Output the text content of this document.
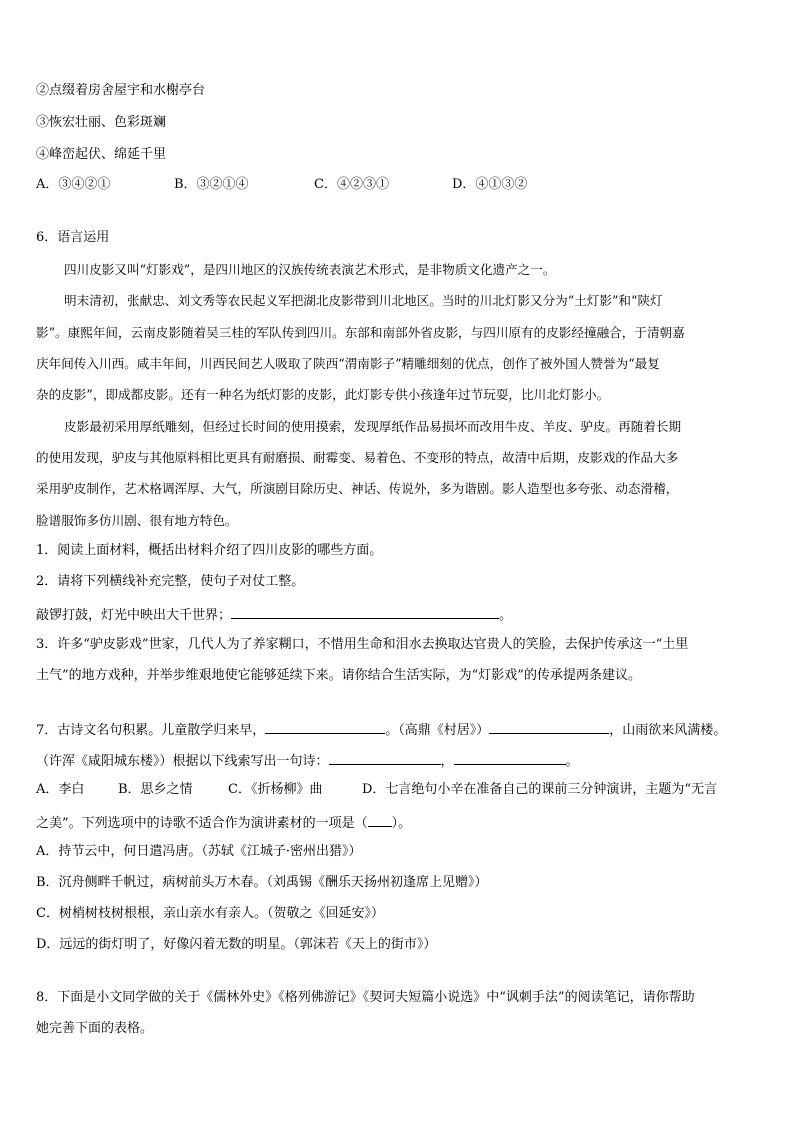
②点缀着房舍屋宇和水榭亭台
③恢宏壮丽、色彩斑斓
④峰峦起伏、绵延千里
A．③④②①	B．③②①④	C．④②③①	D．④①③②
6．语言运用
四川皮影又叫“灯影戏”，是四川地区的汉族传统表演艺术形式，是非物质文化遗产之一。
明末清初，张献忠、刘文秀等农民起义军把湖北皮影带到川北地区。当时的川北灯影又分为“土灯影”和“陕灯
影”。康熙年间，云南皮影随着吴三桂的军队传到四川。东部和南部外省皮影，与四川原有的皮影经撞融合，于清朝嘉
庆年间传入川西。咸丰年间，川西民间艺人吸取了陕西“渭南影子”精雕细刻的优点，创作了被外国人赞誉为“最复
杂的皮影”，即成都皮影。还有一种名为纸灯影的皮影，此灯影专供小孩逢年过节玩耍，比川北灯影小。
皮影最初采用厚纸雕刻，但经过长时间的使用摸索，发现厚纸作品易损坏而改用牛皮、羊皮、驴皮。再随着长期
的使用发现，驴皮与其他原料相比更具有耐磨损、耐霉变、易着色、不变形的特点，故清中后期，皮影戏的作品大多
采用驴皮制作，艺术格调浑厚、大气，所演剧目除历史、神话、传说外，多为谐剧。影人造型也多夸张、动态滑稽，
脸谱服饰多仿川剧、很有地方特色。
1．阅读上面材料，概括出材料介绍了四川皮影的哪些方面。
2．请将下列横线补充完整，使句子对仗工整。
敲锣打鼓，灯光中映出大千世界；	。
3．许多“驴皮影戏”世家，几代人为了养家糊口，不惜用生命和泪水去换取达官贵人的笑脸，去保护传承这一“土里
土气”的地方戏种，并举步维艰地使它能够延续下来。请你结合生活实际，为“灯影戏”的传承提两条建议。
7．古诗文名句积累。儿童散学归来早，	。（高鼎《村居》）	，山雨欲来风满楼。
（许浑《咸阳城东楼》）根据以下线索写出一句诗：	，	。
A．李白	B．思乡之情	C．《折杨柳》曲	D．七言绝句小辛在准备自己的课前三分钟演讲，主题为“无言
之美”。下列选项中的诗歌不适合作为演讲素材的一项是（ ）。
A．持节云中，何日遣冯唐。（苏轼《江城子·密州出猎》）
B．沉舟侧畔千帆过，病树前头万木春。（刘禹锡《酬乐天扬州初逢席上见赠》）
C．树梢树枝树根根，亲山亲水有亲人。（贺敬之《回延安》）
D．远远的街灯明了，好像闪着无数的明星。（郭沫若《天上的街市》）
8．下面是小文同学做的关于《儒林外史》《格列佛游记》《契诃夫短篇小说选》中“讽刺手法”的阅读笔记，请你帮助
她完善下面的表格。
